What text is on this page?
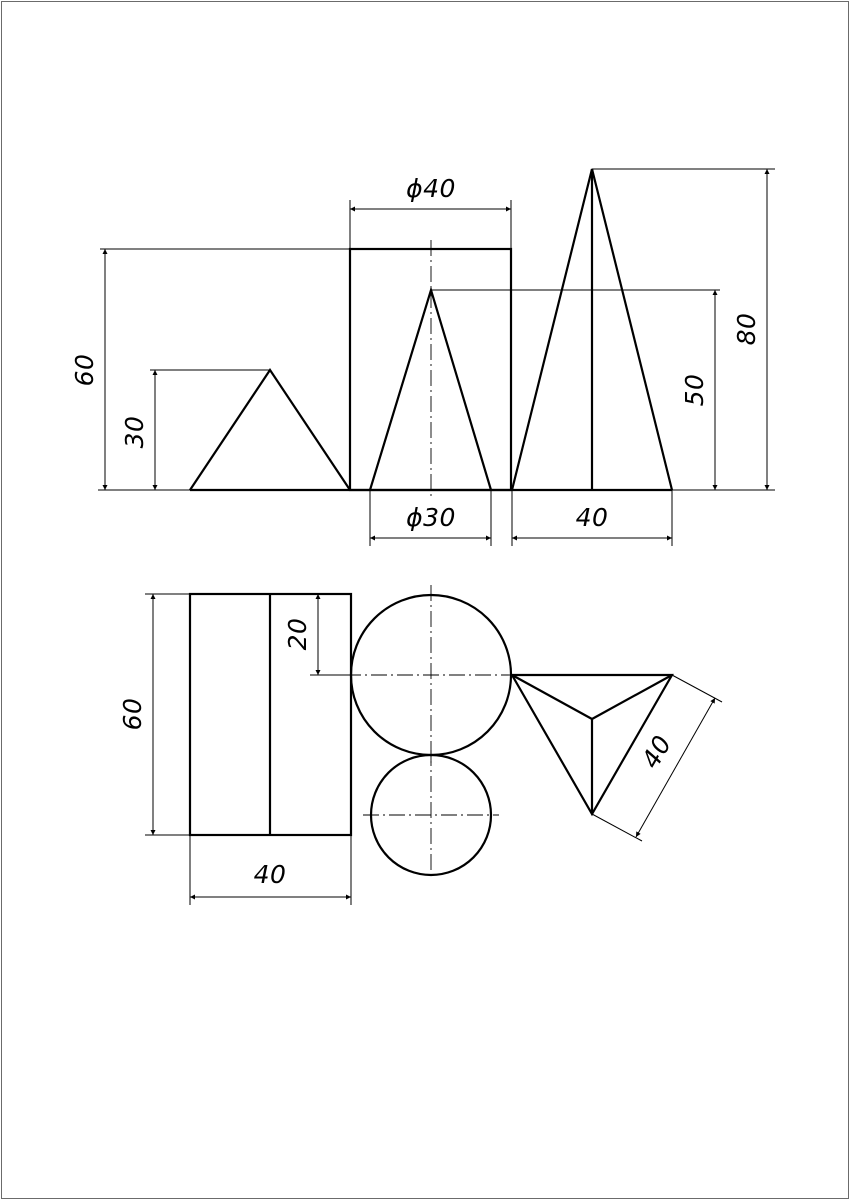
ϕ40
60
30
50
80
ϕ30	40
60
20
40
40
